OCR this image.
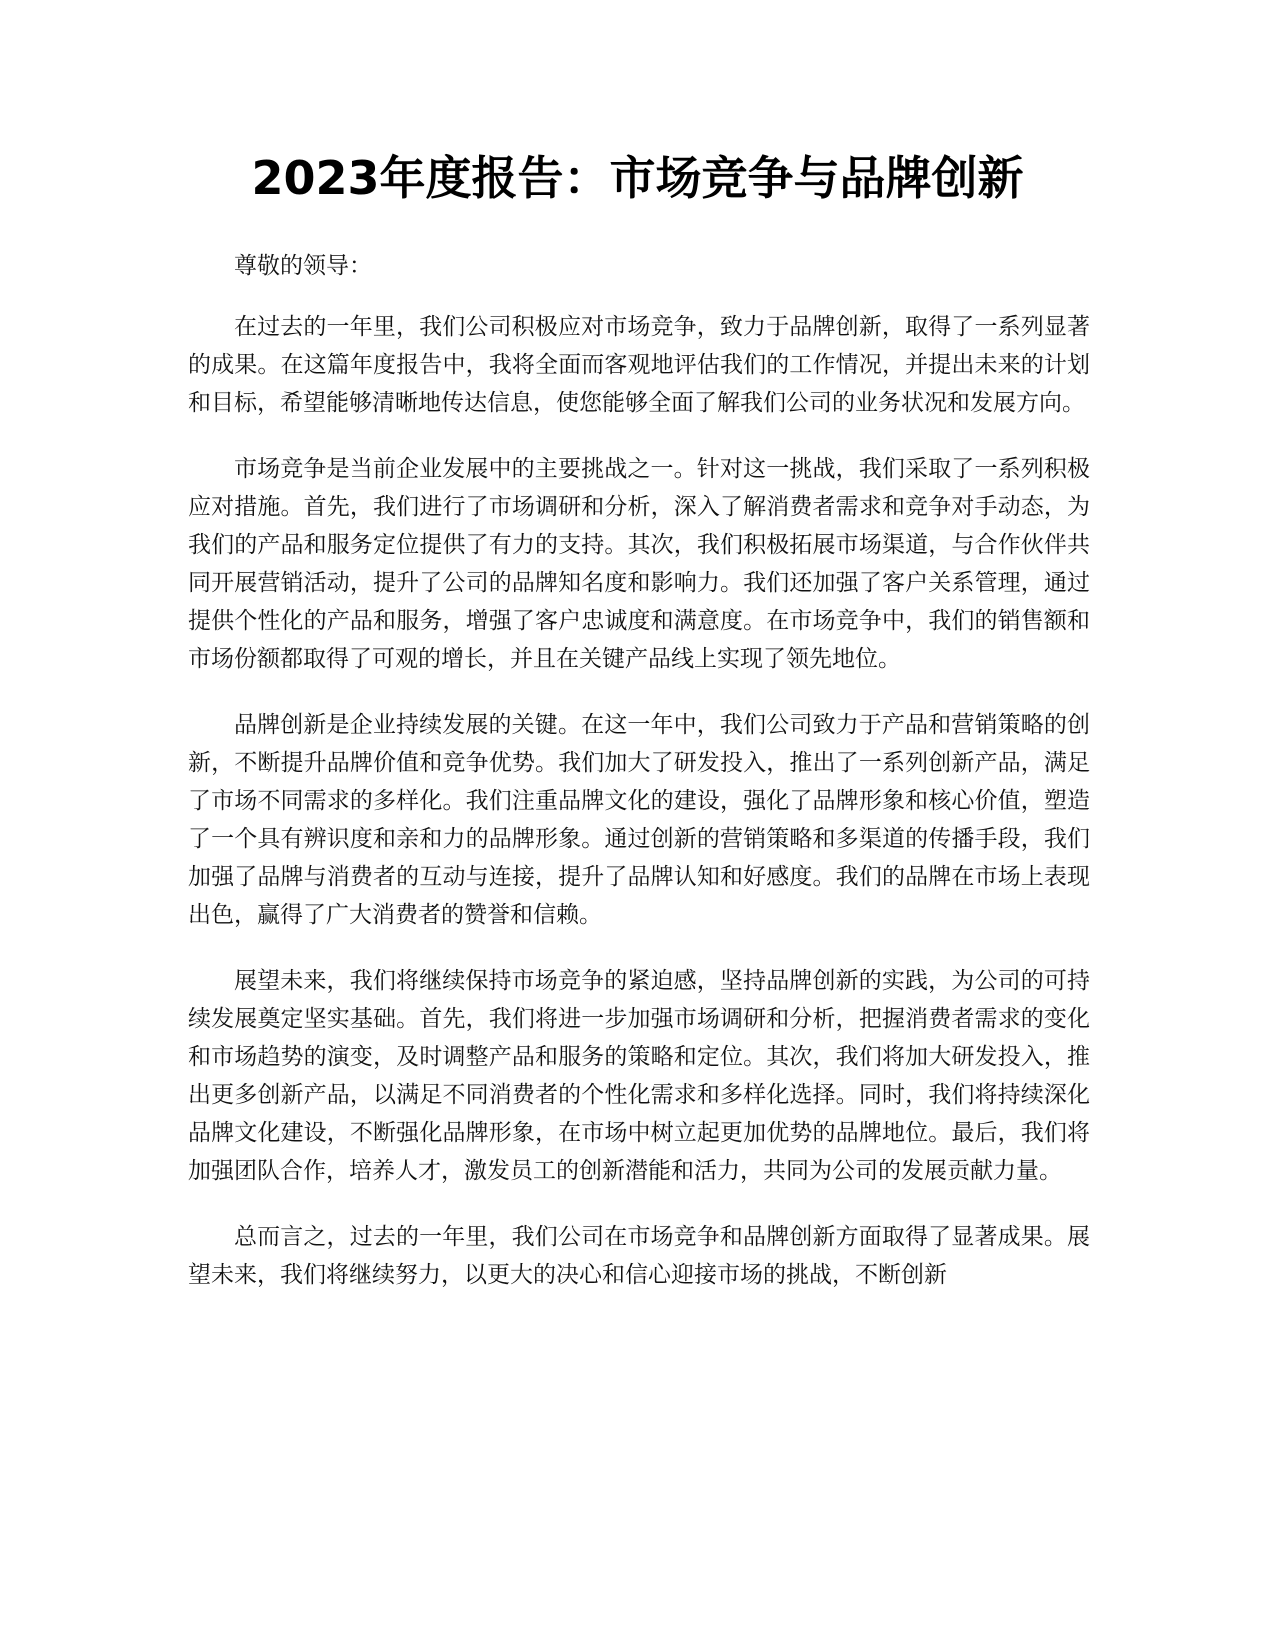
2023年度报告：市场竞争与品牌创新
尊敬的领导：

在过去的一年里，我们公司积极应对市场竞争，致力于品牌创新，取得了一系列显著的成果。在这篇年度报告中，我将全面而客观地评估我们的工作情况，并提出未来的计划和目标，希望能够清晰地传达信息，使您能够全面了解我们公司的业务状况和发展方向。

市场竞争是当前企业发展中的主要挑战之一。针对这一挑战，我们采取了一系列积极应对措施。首先，我们进行了市场调研和分析，深入了解消费者需求和竞争对手动态，为我们的产品和服务定位提供了有力的支持。其次，我们积极拓展市场渠道，与合作伙伴共同开展营销活动，提升了公司的品牌知名度和影响力。我们还加强了客户关系管理，通过提供个性化的产品和服务，增强了客户忠诚度和满意度。在市场竞争中，我们的销售额和市场份额都取得了可观的增长，并且在关键产品线上实现了领先地位。

品牌创新是企业持续发展的关键。在这一年中，我们公司致力于产品和营销策略的创新，不断提升品牌价值和竞争优势。我们加大了研发投入，推出了一系列创新产品，满足了市场不同需求的多样化。我们注重品牌文化的建设，强化了品牌形象和核心价值，塑造了一个具有辨识度和亲和力的品牌形象。通过创新的营销策略和多渠道的传播手段，我们加强了品牌与消费者的互动与连接，提升了品牌认知和好感度。我们的品牌在市场上表现出色，赢得了广大消费者的赞誉和信赖。

展望未来，我们将继续保持市场竞争的紧迫感，坚持品牌创新的实践，为公司的可持续发展奠定坚实基础。首先，我们将进一步加强市场调研和分析，把握消费者需求的变化和市场趋势的演变，及时调整产品和服务的策略和定位。其次，我们将加大研发投入，推出更多创新产品，以满足不同消费者的个性化需求和多样化选择。同时，我们将持续深化品牌文化建设，不断强化品牌形象，在市场中树立起更加优势的品牌地位。最后，我们将加强团队合作，培养人才，激发员工的创新潜能和活力，共同为公司的发展贡献力量。

总而言之，过去的一年里，我们公司在市场竞争和品牌创新方面取得了显著成果。展望未来，我们将继续努力，以更大的决心和信心迎接市场的挑战，不断创新
